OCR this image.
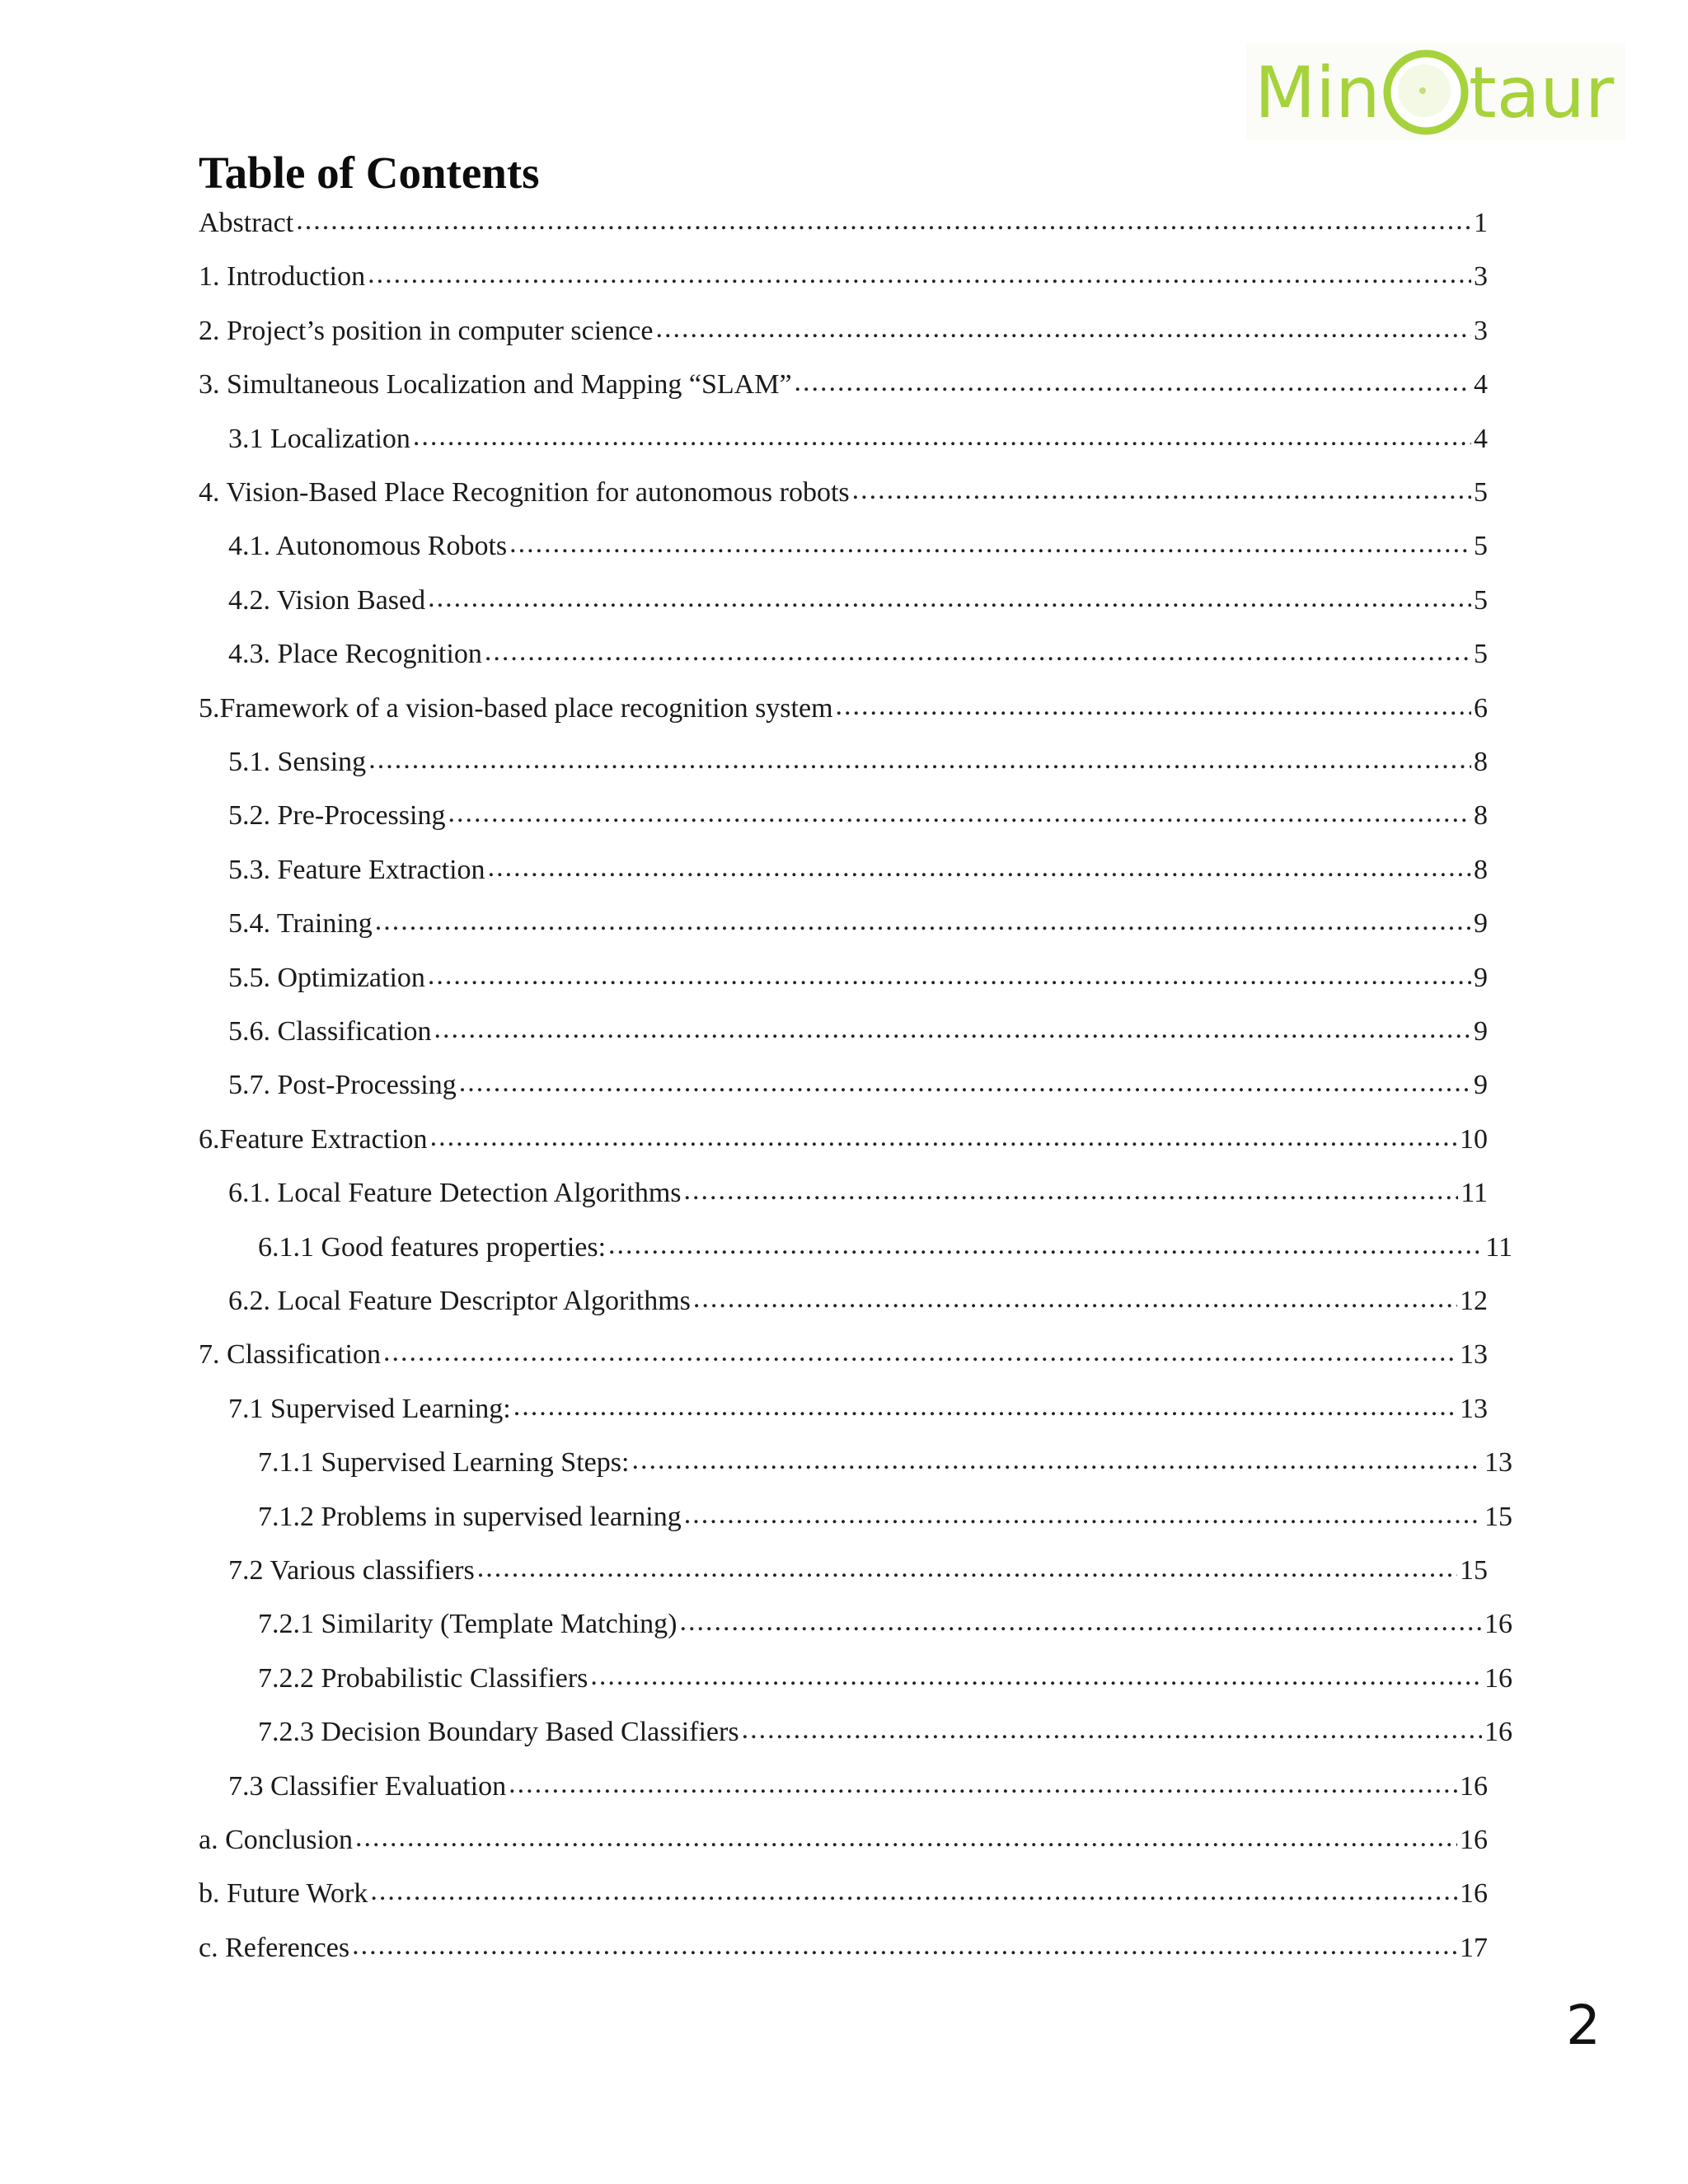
Min taur
Table of Contents
Abstract .....	1
1. Introduction .....	3
2. Project’s position in computer science .....	3
3. Simultaneous Localization and Mapping “SLAM” .....	4
3.1 Localization .....	4
4. Vision-Based Place Recognition for autonomous robots .....	5
4.1. Autonomous Robots .....	5
4.2. Vision Based .....	5
4.3. Place Recognition .....	5
5.Framework of a vision-based place recognition system .....	6
5.1. Sensing .....	8
5.2. Pre-Processing .....	8
5.3. Feature Extraction .....	8
5.4. Training .....	9
5.5. Optimization .....	9
5.6. Classification .....	9
5.7. Post-Processing .....	9
6.Feature Extraction .....	10
6.1. Local Feature Detection Algorithms .....	11
6.1.1 Good features properties: .....	11
6.2. Local Feature Descriptor Algorithms .....	12
7. Classification .....	13
7.1 Supervised Learning: .....	13
7.1.1 Supervised Learning Steps: .....	13
7.1.2 Problems in supervised learning .....	15
7.2 Various classifiers .....	15
7.2.1 Similarity (Template Matching) .....	16
7.2.2 Probabilistic Classifiers .....	16
7.2.3 Decision Boundary Based Classifiers .....	16
7.3 Classifier Evaluation .....	16
a. Conclusion .....	16
b. Future Work .....	16
c. References .....	17
2
